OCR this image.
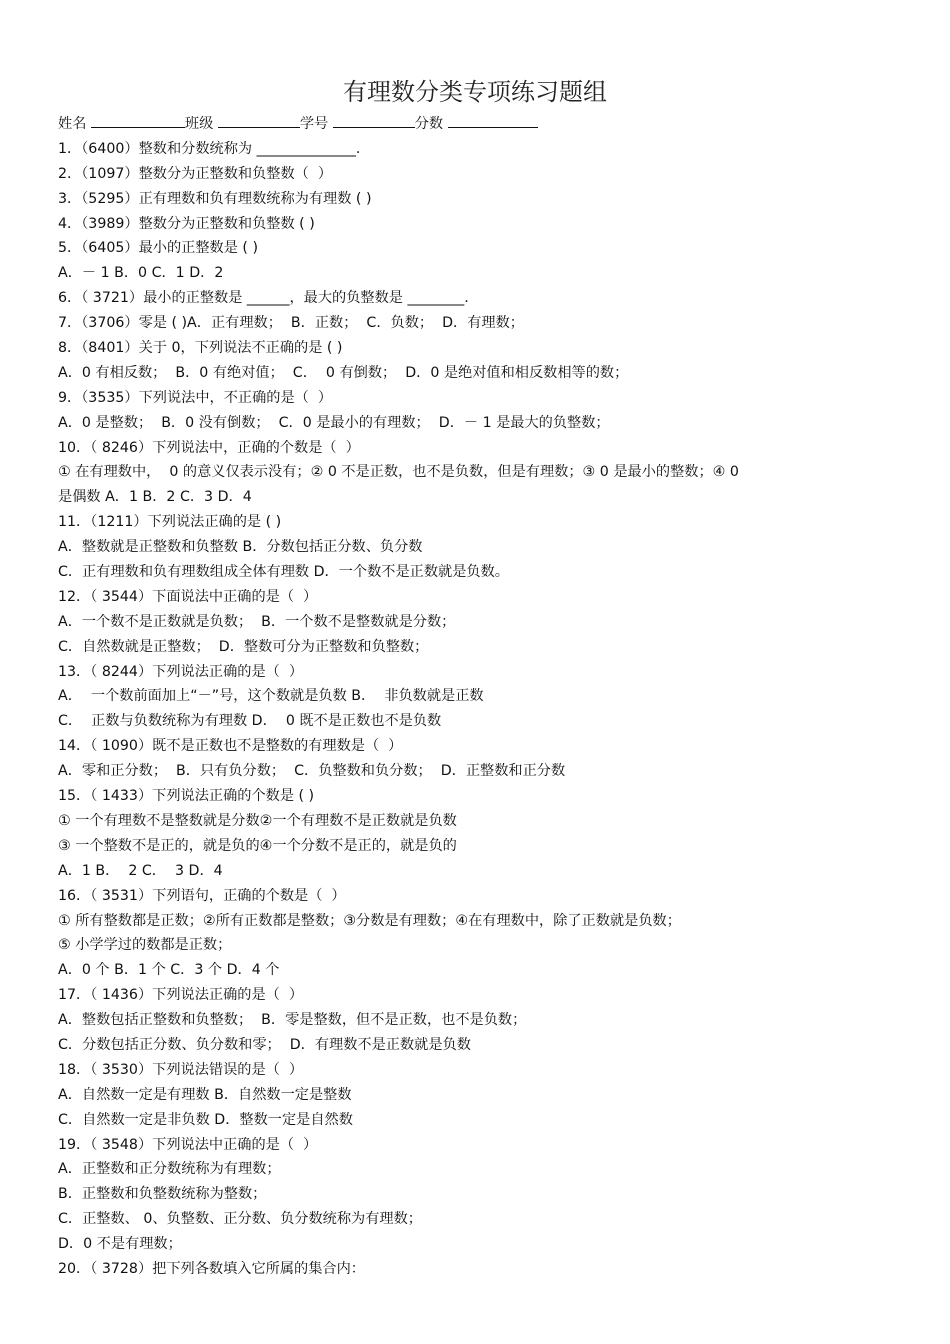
有理数分类专项练习题组
姓名	班级	学号	分数
1．（6400）整数和分数统称为 ______________.
2．（1097）整数分为正整数和负整数（  ）
3．（5295）正有理数和负有理数统称为有理数 ( )
4．（3989）整数分为正整数和负整数 ( )
5．（6405）最小的正整数是 ( )
A．－ 1 B．0 C．1 D．2
6．（ 3721）最小的正整数是 ______，最大的负整数是 ________.
7．（3706）零是 ( )A．正有理数；  B．正数；  C．负数；  D．有理数；
8．（8401）关于 0，下列说法不正确的是 ( )
A．0 有相反数；  B．0 有绝对值；  C．  0 有倒数；  D．0 是绝对值和相反数相等的数；
9．（3535）下列说法中，不正确的是（  ）
A．0 是整数；  B．0 没有倒数；  C．0 是最小的有理数；  D．－ 1 是最大的负整数；
10．（ 8246）下列说法中，正确的个数是（  ）
① 在有理数中，  0 的意义仅表示没有；② 0 不是正数，也不是负数，但是有理数；③ 0 是最小的整数；④ 0
是偶数 A．1 B．2 C．3 D．4
11．（1211）下列说法正确的是 ( )
A．整数就是正整数和负整数 B．分数包括正分数、负分数
C．正有理数和负有理数组成全体有理数 D．一个数不是正数就是负数。
12．（ 3544）下面说法中正确的是（  ）
A．一个数不是正数就是负数；  B．一个数不是整数就是分数；
C．自然数就是正整数；  D．整数可分为正整数和负整数；
13．（ 8244）下列说法正确的是（  ）
A．  一个数前面加上“－”号，这个数就是负数 B．  非负数就是正数
C．  正数与负数统称为有理数 D．  0 既不是正数也不是负数
14．（ 1090）既不是正数也不是整数的有理数是（  ）
A．零和正分数；  B．只有负分数；  C．负整数和负分数；  D．正整数和正分数
15．（ 1433）下列说法正确的个数是 ( )
① 一个有理数不是整数就是分数②一个有理数不是正数就是负数
③ 一个整数不是正的，就是负的④一个分数不是正的，就是负的
A．1 B．  2 C．  3 D．4
16．（ 3531）下列语句，正确的个数是（  ）
① 所有整数都是正数；②所有正数都是整数；③分数是有理数；④在有理数中，除了正数就是负数；
⑤ 小学学过的数都是正数；
A．0 个 B．1 个 C．3 个 D．4 个
17．（ 1436）下列说法正确的是（  ）
A．整数包括正整数和负整数；  B．零是整数，但不是正数，也不是负数；
C．分数包括正分数、负分数和零；  D．有理数不是正数就是负数
18．（ 3530）下列说法错误的是（  ）
A．自然数一定是有理数 B．自然数一定是整数
C．自然数一定是非负数 D．整数一定是自然数
19．（ 3548）下列说法中正确的是（  ）
A．正整数和正分数统称为有理数；
B．正整数和负整数统称为整数；
C．正整数、 0、负整数、正分数、负分数统称为有理数；
D．0 不是有理数；
20．（ 3728）把下列各数填入它所属的集合内：
